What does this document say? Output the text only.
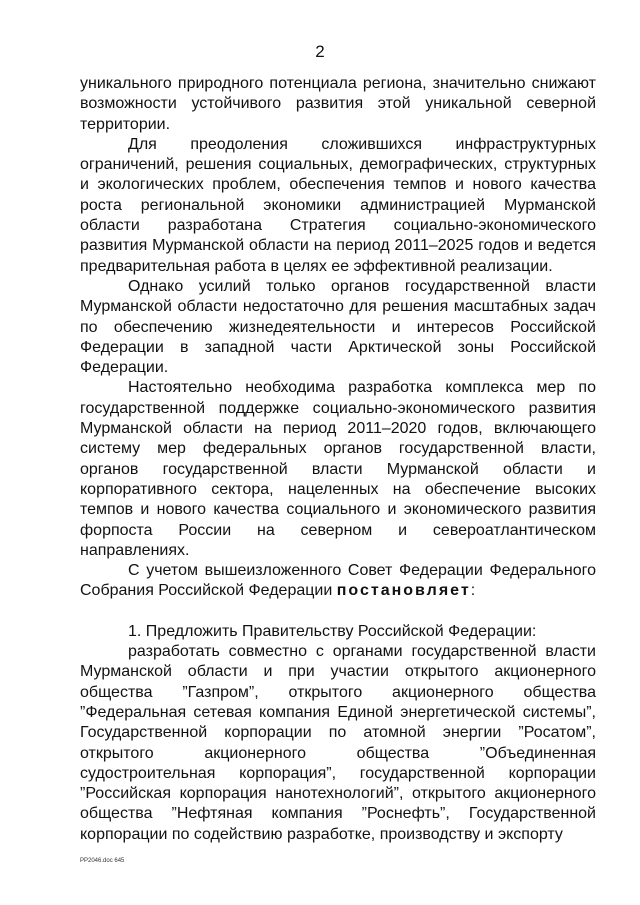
2

уникального природного потенциала региона, значительно снижают возможности устойчивого развития этой уникальной северной территории.

Для преодоления сложившихся инфраструктурных ограничений, решения социальных, демографических, структурных и экологических проблем, обеспечения темпов и нового качества роста региональной экономики администрацией Мурманской области разработана Стратегия социально-экономического развития Мурманской области на период 2011–2025 годов и ведется предварительная работа в целях ее эффективной реализации.

Однако усилий только органов государственной власти Мурманской области недостаточно для решения масштабных задач по обеспечению жизнедеятельности и интересов Российской Федерации в западной части Арктической зоны Российской Федерации.

Настоятельно необходима разработка комплекса мер по государственной поддержке социально-экономического развития Мурманской области на период 2011–2020 годов, включающего систему мер федеральных органов государственной власти, органов государственной власти Мурманской области и корпоративного сектора, нацеленных на обеспечение высоких темпов и нового качества социального и экономического развития форпоста России на северном и североатлантическом направлениях.

С учетом вышеизложенного Совет Федерации Федерального Собрания Российской Федерации постановляет:

1. Предложить Правительству Российской Федерации:

разработать совместно с органами государственной власти Мурманской области и при участии открытого акционерного общества ”Газпром”, открытого акционерного общества ”Федеральная сетевая компания Единой энергетической системы”, Государственной корпорации по атомной энергии ”Росатом”, открытого акционерного общества ”Объединенная судостроительная корпорация”, государственной корпорации ”Российская корпорация нанотехнологий”, открытого акционерного общества ”Нефтяная компания ”Роснефть”, Государственной корпорации по содействию разработке, производству и экспорту

PP2046.doc 645
